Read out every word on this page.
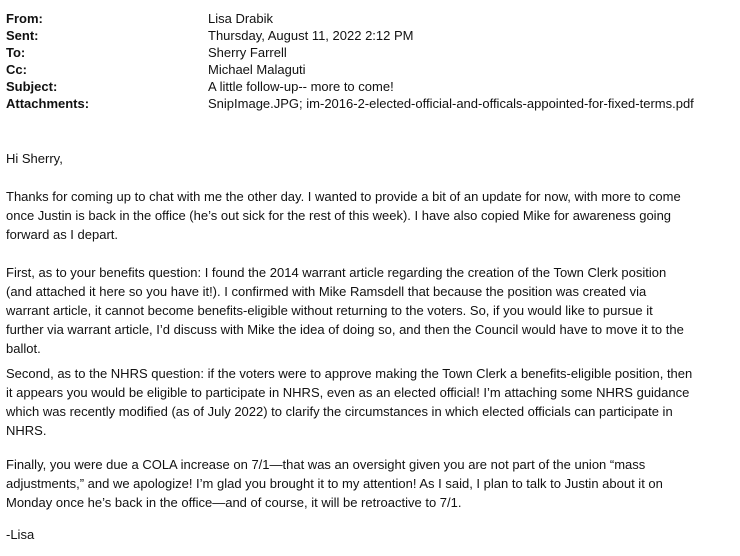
From:	Lisa Drabik
Sent:	Thursday, August 11, 2022 2:12 PM
To:	Sherry Farrell
Cc:	Michael Malaguti
Subject:	A little follow-up-- more to come!
Attachments:	SnipImage.JPG; im-2016-2-elected-official-and-officals-appointed-for-fixed-terms.pdf
Hi Sherry,
Thanks for coming up to chat with me the other day. I wanted to provide a bit of an update for now, with more to come
once Justin is back in the office (he’s out sick for the rest of this week). I have also copied Mike for awareness going
forward as I depart.
First, as to your benefits question: I found the 2014 warrant article regarding the creation of the Town Clerk position
(and attached it here so you have it!). I confirmed with Mike Ramsdell that because the position was created via
warrant article, it cannot become benefits-eligible without returning to the voters. So, if you would like to pursue it
further via warrant article, I’d discuss with Mike the idea of doing so, and then the Council would have to move it to the
ballot.
Second, as to the NHRS question: if the voters were to approve making the Town Clerk a benefits-eligible position, then
it appears you would be eligible to participate in NHRS, even as an elected official! I’m attaching some NHRS guidance
which was recently modified (as of July 2022) to clarify the circumstances in which elected officials can participate in
NHRS.
Finally, you were due a COLA increase on 7/1—that was an oversight given you are not part of the union “mass
adjustments,” and we apologize! I’m glad you brought it to my attention! As I said, I plan to talk to Justin about it on
Monday once he’s back in the office—and of course, it will be retroactive to 7/1.
-Lisa
